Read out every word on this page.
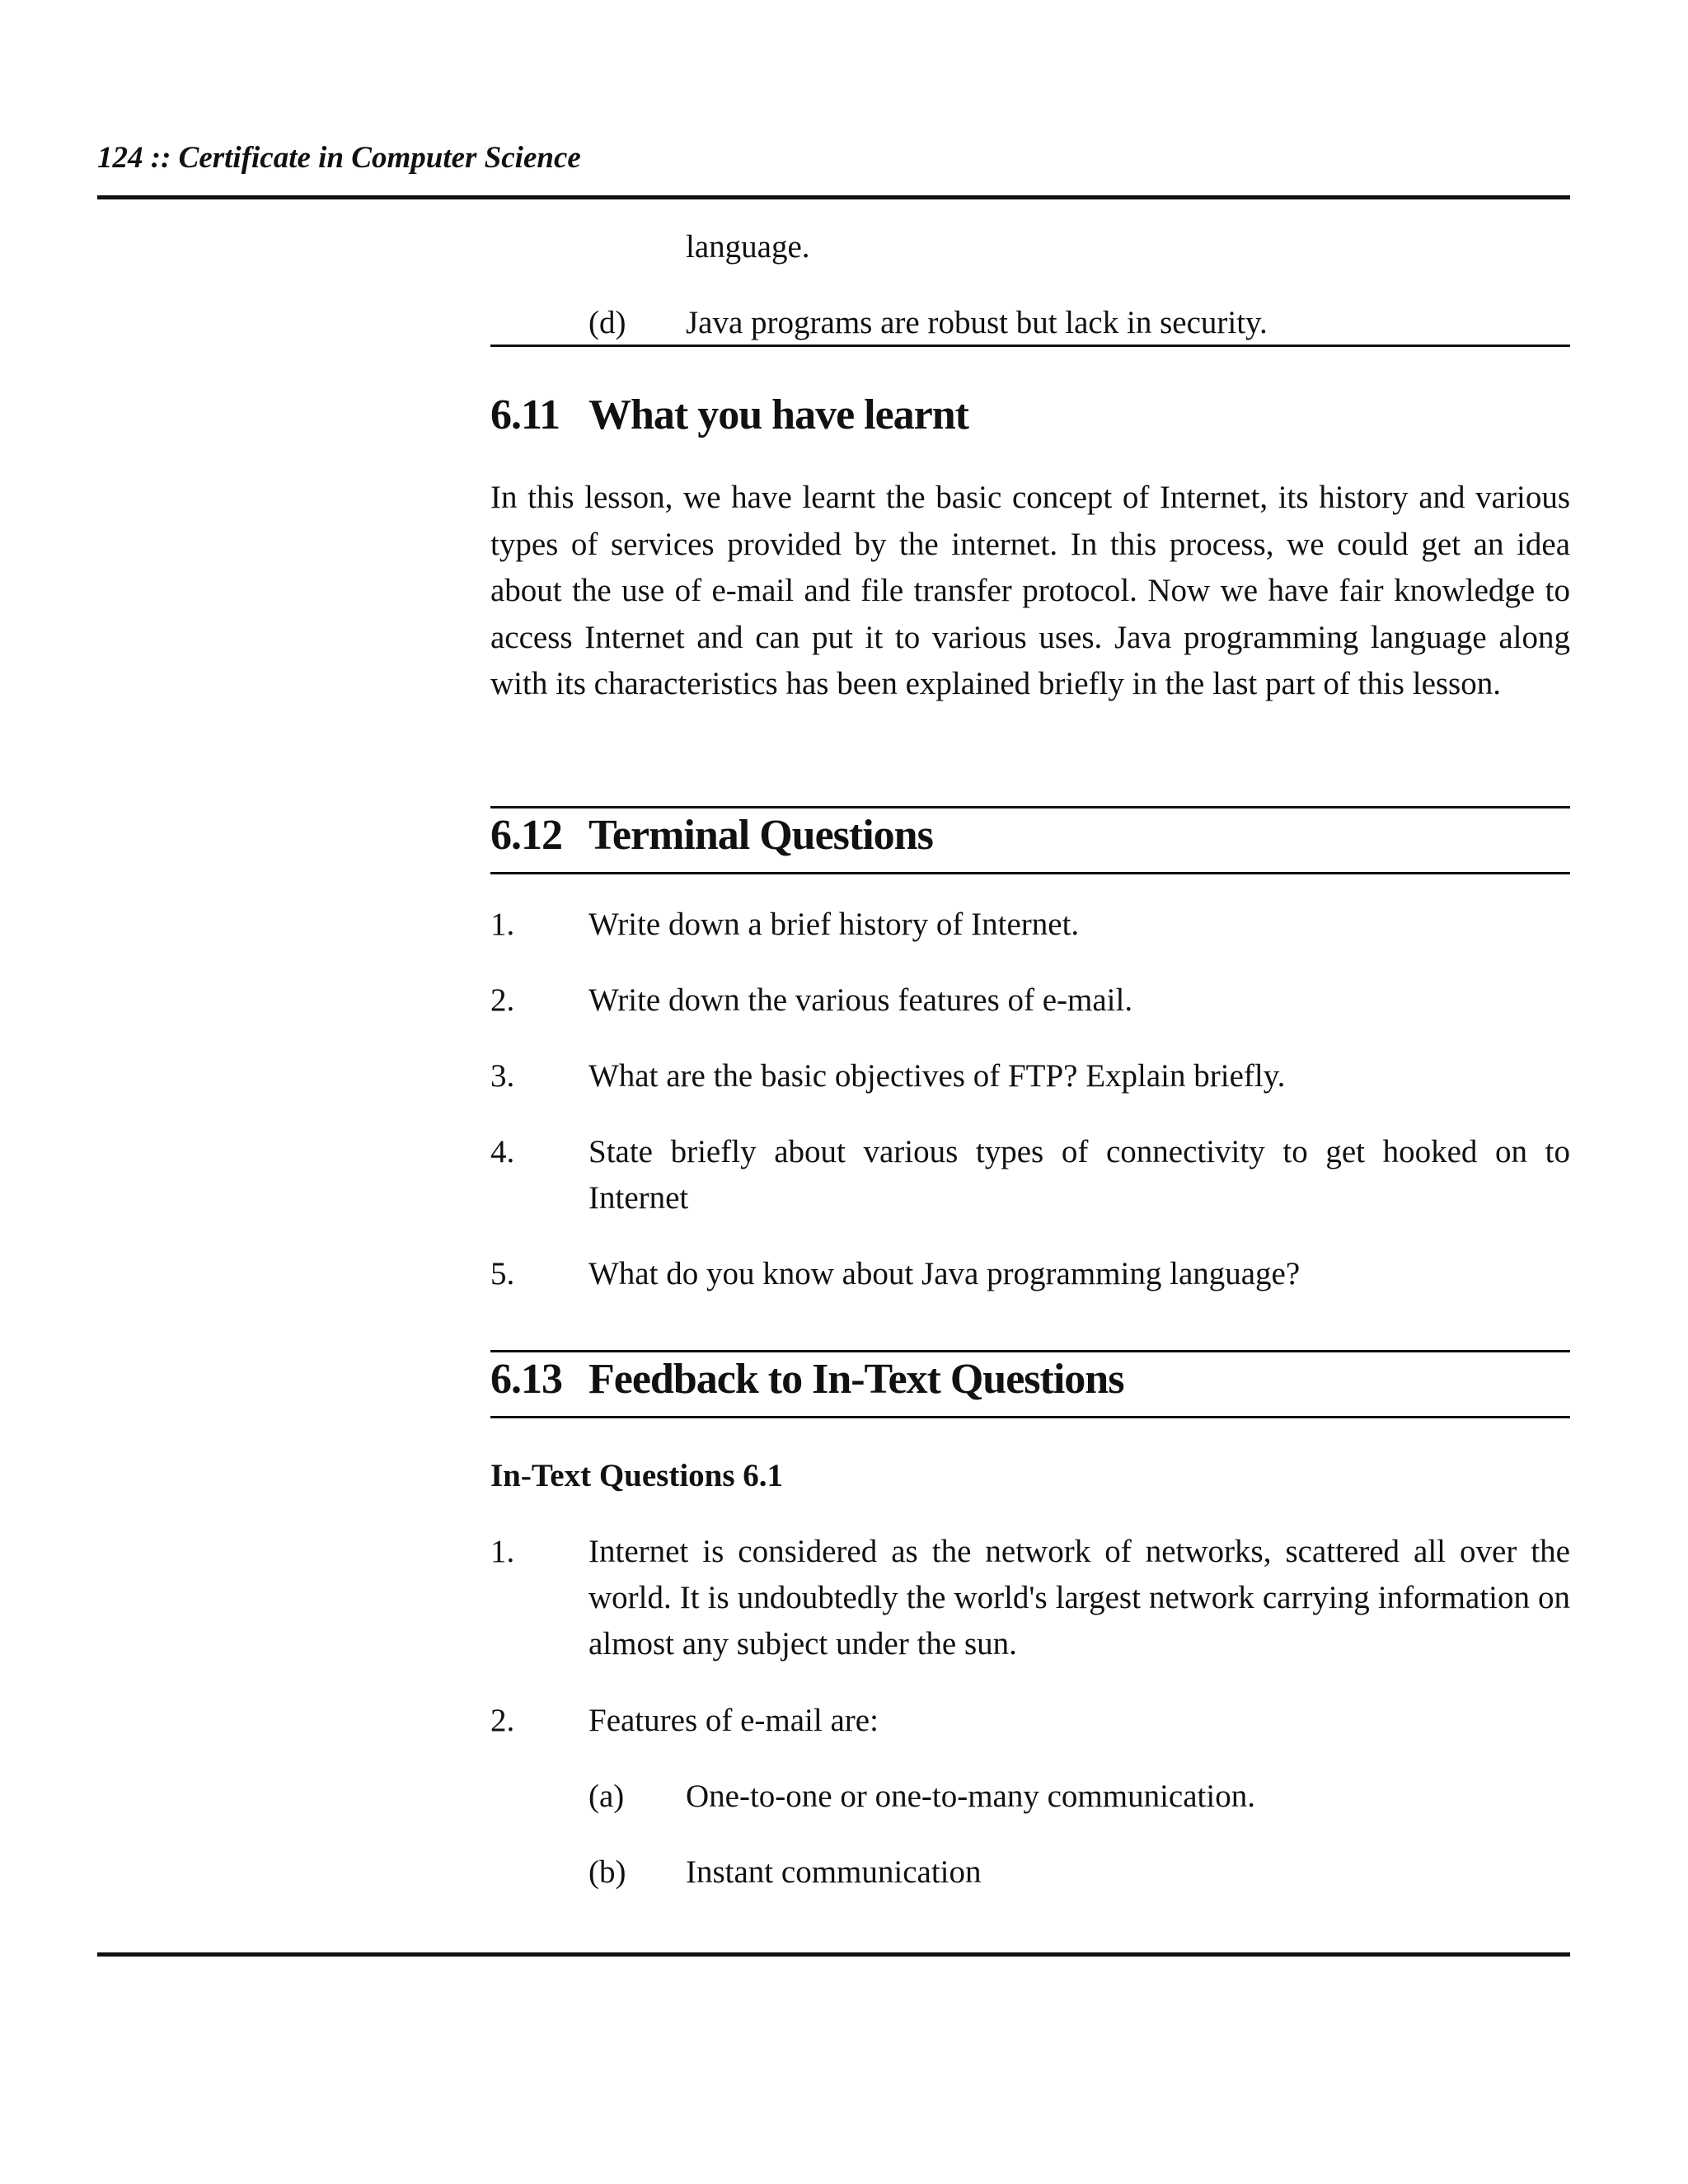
124 :: Certificate in Computer Science
language.
(d) Java programs are robust but lack in security.
6.11 What you have learnt
In this lesson, we have learnt the basic concept of Internet, its history and various types of services provided by the internet. In this process, we could get an idea about the use of e-mail and file transfer protocol. Now we have fair knowledge to access Internet and can put it to various uses. Java programming language along with its characteristics has been explained briefly in the last part of this lesson.
6.12 Terminal Questions
1. Write down a brief history of Internet.
2. Write down the various features of e-mail.
3. What are the basic objectives of FTP? Explain briefly.
4. State briefly about various types of connectivity to get hooked on to Internet
5. What do you know about Java programming language?
6.13 Feedback to In-Text Questions
In-Text Questions 6.1
1. Internet is considered as the network of networks, scattered all over the world. It is undoubtedly the world's largest network carrying information on almost any subject under the sun.
2. Features of e-mail are:
(a) One-to-one or one-to-many communication.
(b) Instant communication
